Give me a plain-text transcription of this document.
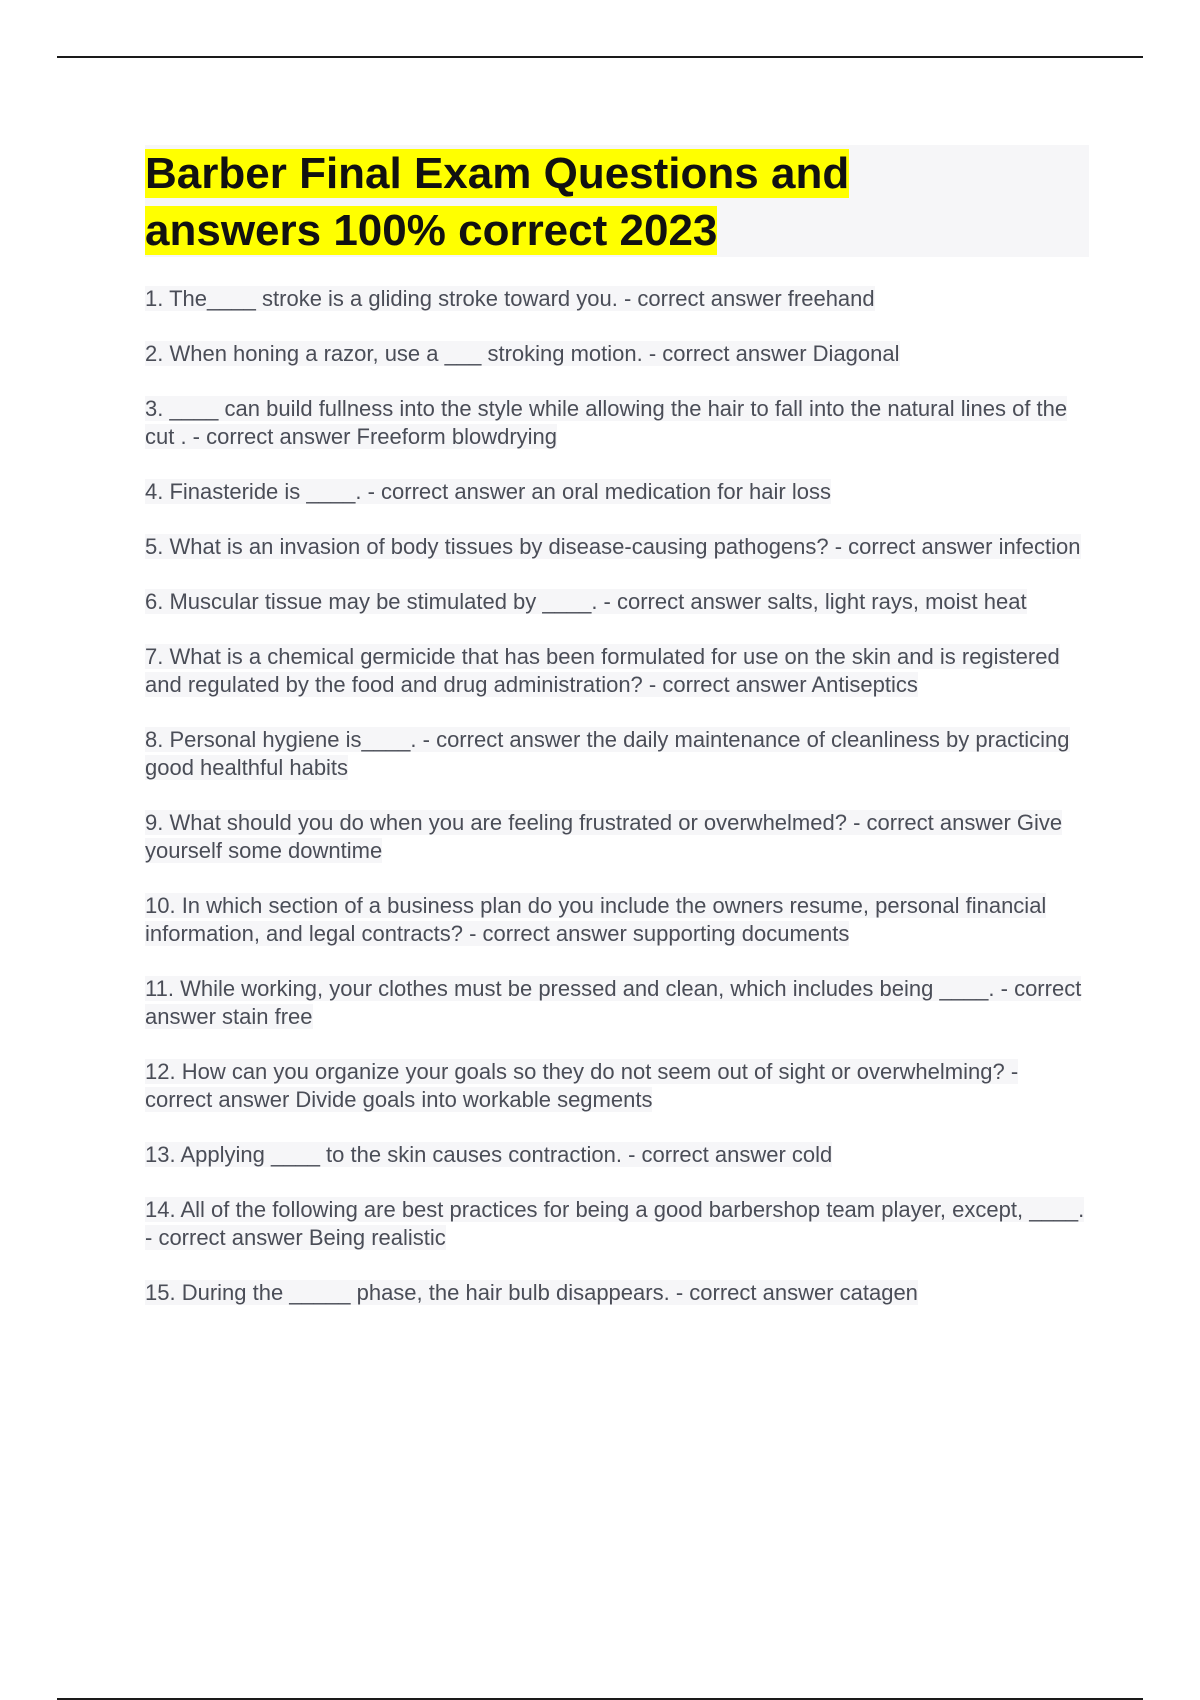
Barber Final Exam Questions and answers 100% correct 2023

1. The____ stroke is a gliding stroke toward you. - correct answer freehand

2. When honing a razor, use a ___ stroking motion. - correct answer Diagonal

3. ____ can build fullness into the style while allowing the hair to fall into the natural lines of the cut . - correct answer Freeform blowdrying

4. Finasteride is ____. - correct answer an oral medication for hair loss

5. What is an invasion of body tissues by disease-causing pathogens? - correct answer infection

6. Muscular tissue may be stimulated by ____. - correct answer salts, light rays, moist heat

7. What is a chemical germicide that has been formulated for use on the skin and is registered and regulated by the food and drug administration? - correct answer Antiseptics

8. Personal hygiene is____. - correct answer the daily maintenance of cleanliness by practicing good healthful habits

9. What should you do when you are feeling frustrated or overwhelmed? - correct answer Give yourself some downtime

10. In which section of a business plan do you include the owners resume, personal financial information, and legal contracts? - correct answer supporting documents

11. While working, your clothes must be pressed and clean, which includes being ____. - correct answer stain free

12. How can you organize your goals so they do not seem out of sight or overwhelming? - correct answer Divide goals into workable segments

13. Applying ____ to the skin causes contraction. - correct answer cold

14. All of the following are best practices for being a good barbershop team player, except, ____. - correct answer Being realistic

15. During the _____ phase, the hair bulb disappears. - correct answer catagen
